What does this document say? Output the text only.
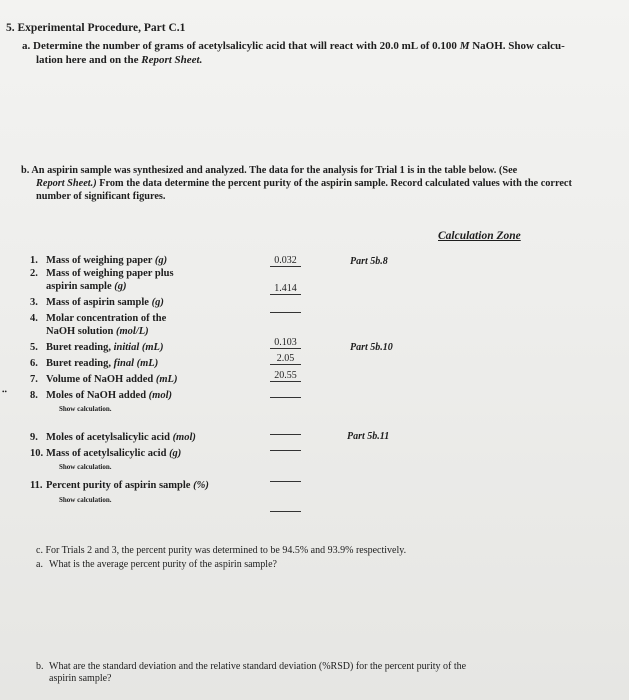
5. Experimental Procedure, Part C.1
a. Determine the number of grams of acetylsalicylic acid that will react with 20.0 mL of 0.100 M NaOH. Show calcu-
lation here and on the Report Sheet.
b. An aspirin sample was synthesized and analyzed. The data for the analysis for Trial 1 is in the table below. (See
Report Sheet.) From the data determine the percent purity of the aspirin sample. Record calculated values with the correct
number of significant figures.
Calculation Zone
1. Mass of weighing paper (g)
2. Mass of weighing paper plus
aspirin sample (g)
3. Mass of aspirin sample (g)
4. Molar concentration of the
NaOH solution (mol/L)
5. Buret reading, initial (mL)
6. Buret reading, final (mL)
7. Volume of NaOH added (mL)
8. Moles of NaOH added (mol)
Show calculation.
9. Moles of acetylsalicylic acid (mol)
10. Mass of acetylsalicylic acid (g)
Show calculation.
11. Percent purity of aspirin sample (%)
Show calculation.
0.032
1.414
0.103
2.05
20.55
Part 5b.8
Part 5b.10
Part 5b.11
••
c. For Trials 2 and 3, the percent purity was determined to be 94.5% and 93.9% respectively.
a. What is the average percent purity of the aspirin sample?
b. What are the standard deviation and the relative standard deviation (%RSD) for the percent purity of the
aspirin sample?
